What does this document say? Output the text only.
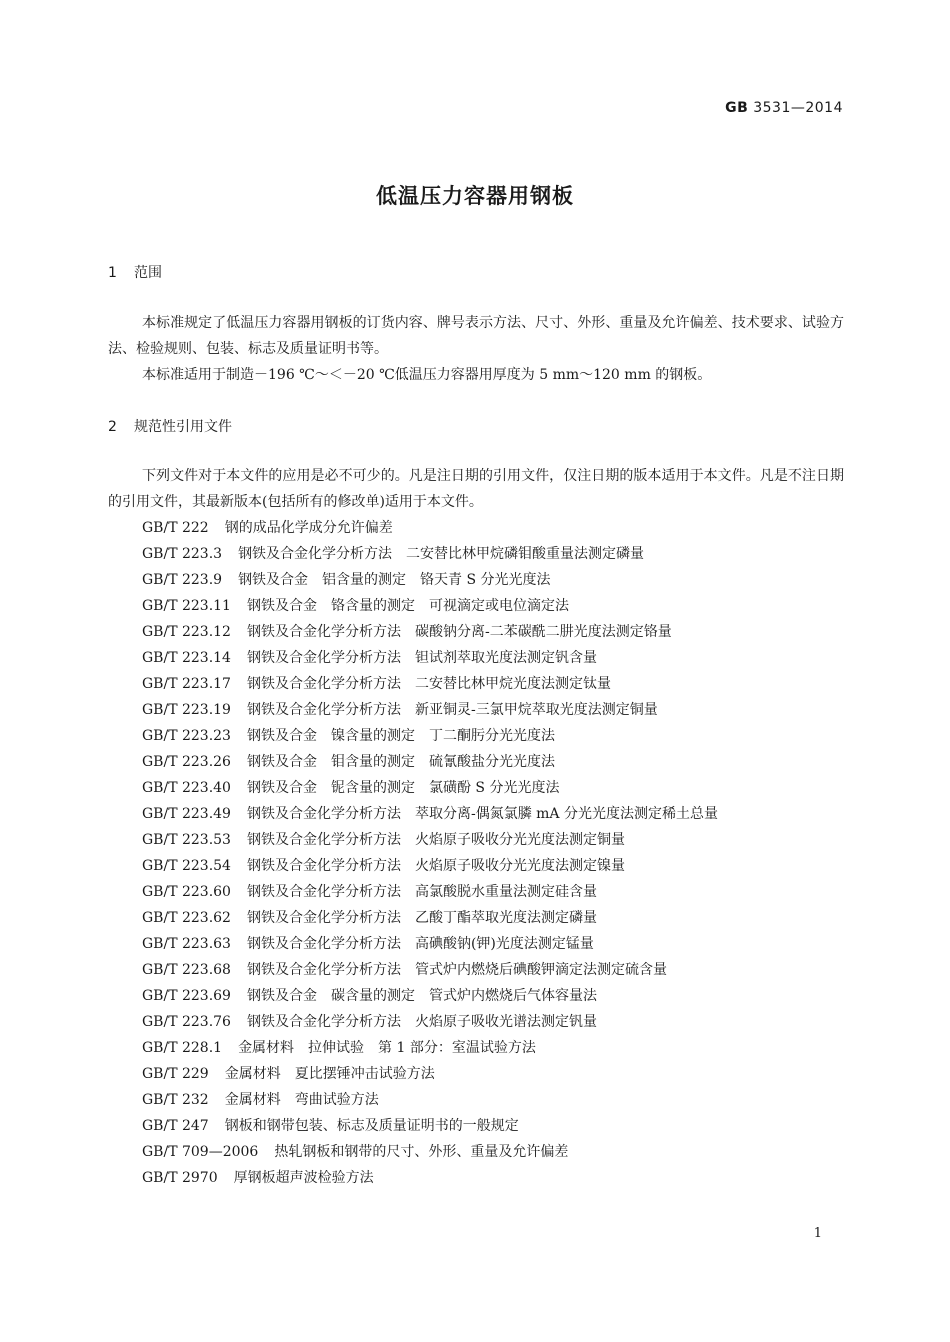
GB 3531—2014
低温压力容器用钢板
1 范围

本标准规定了低温压力容器用钢板的订货内容、牌号表示方法、尺寸、外形、重量及允许偏差、技术要求、试验方法、检验规则、包装、标志及质量证明书等。

本标准适用于制造－196 ℃～＜－20 ℃低温压力容器用厚度为 5 mm～120 mm 的钢板。

2 规范性引用文件

下列文件对于本文件的应用是必不可少的。凡是注日期的引用文件，仅注日期的版本适用于本文件。凡是不注日期的引用文件，其最新版本(包括所有的修改单)适用于本文件。

GB/T 222 钢的成品化学成分允许偏差
GB/T 223.3 钢铁及合金化学分析方法　二安替比林甲烷磷钼酸重量法测定磷量
GB/T 223.9 钢铁及合金　铝含量的测定　铬天青 S 分光光度法
GB/T 223.11 钢铁及合金　铬含量的测定　可视滴定或电位滴定法
GB/T 223.12 钢铁及合金化学分析方法　碳酸钠分离-二苯碳酰二肼光度法测定铬量
GB/T 223.14 钢铁及合金化学分析方法　钽试剂萃取光度法测定钒含量
GB/T 223.17 钢铁及合金化学分析方法　二安替比林甲烷光度法测定钛量
GB/T 223.19 钢铁及合金化学分析方法　新亚铜灵-三氯甲烷萃取光度法测定铜量
GB/T 223.23 钢铁及合金　镍含量的测定　丁二酮肟分光光度法
GB/T 223.26 钢铁及合金　钼含量的测定　硫氰酸盐分光光度法
GB/T 223.40 钢铁及合金　铌含量的测定　氯磺酚 S 分光光度法
GB/T 223.49 钢铁及合金化学分析方法　萃取分离-偶氮氯膦 mA 分光光度法测定稀土总量
GB/T 223.53 钢铁及合金化学分析方法　火焰原子吸收分光光度法测定铜量
GB/T 223.54 钢铁及合金化学分析方法　火焰原子吸收分光光度法测定镍量
GB/T 223.60 钢铁及合金化学分析方法　高氯酸脱水重量法测定硅含量
GB/T 223.62 钢铁及合金化学分析方法　乙酸丁酯萃取光度法测定磷量
GB/T 223.63 钢铁及合金化学分析方法　高碘酸钠(钾)光度法测定锰量
GB/T 223.68 钢铁及合金化学分析方法　管式炉内燃烧后碘酸钾滴定法测定硫含量
GB/T 223.69 钢铁及合金　碳含量的测定　管式炉内燃烧后气体容量法
GB/T 223.76 钢铁及合金化学分析方法　火焰原子吸收光谱法测定钒量
GB/T 228.1 金属材料　拉伸试验　第 1 部分：室温试验方法
GB/T 229 金属材料　夏比摆锤冲击试验方法
GB/T 232 金属材料　弯曲试验方法
GB/T 247 钢板和钢带包装、标志及质量证明书的一般规定
GB/T 709—2006 热轧钢板和钢带的尺寸、外形、重量及允许偏差
GB/T 2970 厚钢板超声波检验方法
1
